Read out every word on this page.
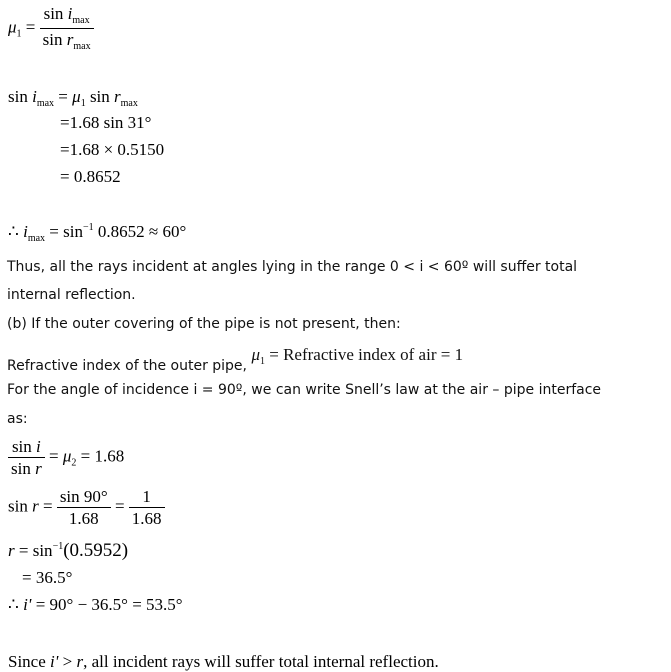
$\mu_1 = \frac{\sin i_{max}}{\sin r_{max}}$
$\sin i_{max} = \mu_1$ $\sin r_{max}$
=1.68 sin 31°
=1.68 × 0.5150
= 0.8652
∴ $i_{max} = \sin^{-1} 0.8652 \approx 60^\circ$
Thus, all the rays incident at angles lying in the range 0 < i < 60º will suffer total
internal reflection.
(b) If the outer covering of the pipe is not present, then:
Refractive index of the outer pipe, $\mu_1$ = Refractive index of air = 1
For the angle of incidence i = 90º, we can write Snell’s law at the air – pipe interface
as:
$\frac{\text{sin i}}{\text{sin r}} = \mu_2 = 1.68$
$\sin r = \frac{\sin 90^\circ}{1.68} = \frac{1}{1.68}$
$r = \sin^{-1}(0.5952)$
= 36.5°
∴ i' = 90° − 36.5° = 53.5°
Since i' > r, all incident rays will suffer total internal reflection.
